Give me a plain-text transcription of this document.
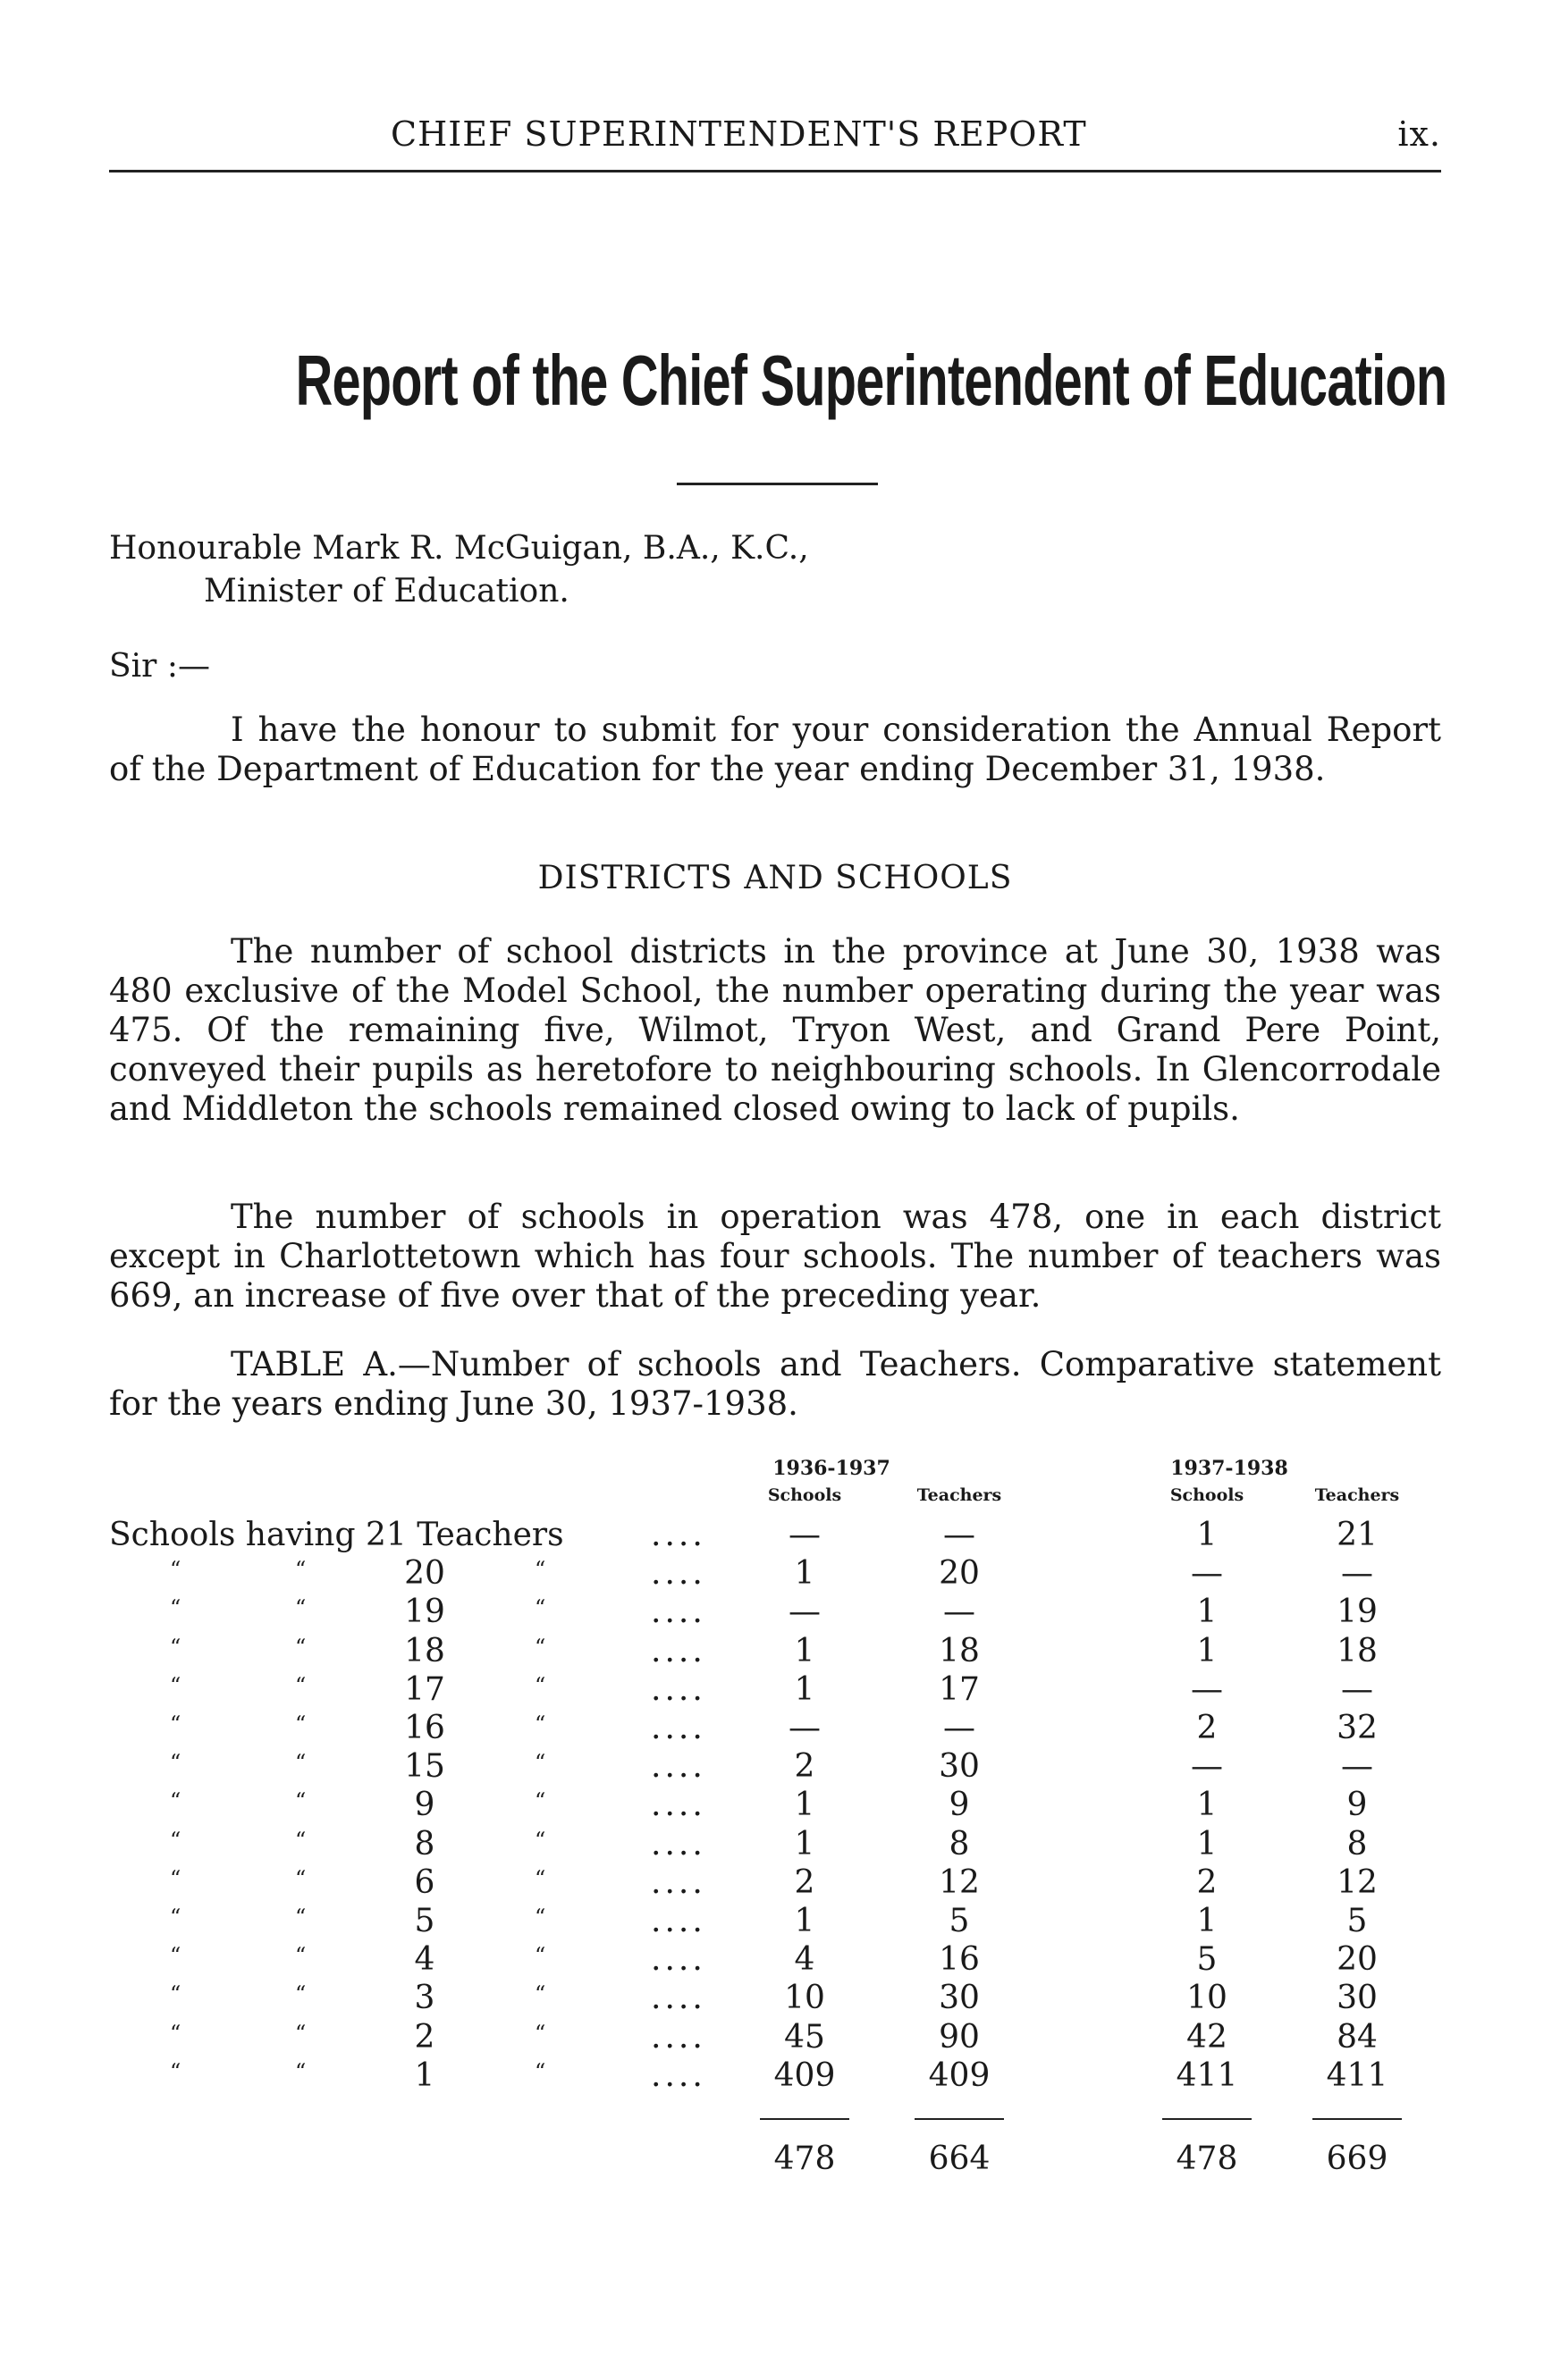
CHIEF SUPERINTENDENT'S REPORT	ix.
Report of the Chief Superintendent of Education
Honourable Mark R. McGuigan, B.A., K.C.,
Minister of Education.
Sir :—
I have the honour to submit for your consideration the Annual Report of the Department of Education for the year ending December 31, 1938.
DISTRICTS AND SCHOOLS
The number of school districts in the province at June 30, 1938 was 480 exclusive of the Model School, the number operating during the year was 475. Of the remaining five, Wilmot, Tryon West, and Grand Pere Point, conveyed their pupils as heretofore to neighbouring schools. In Glencorrodale and Middleton the schools remained closed owing to lack of pupils.
The number of schools in operation was 478, one in each district except in Charlottetown which has four schools. The number of teachers was 669, an increase of five over that of the preceding year.
TABLE A.—Number of schools and Teachers. Comparative statement for the years ending June 30, 1937-1938.
1936-1937	1937-1938
Schools	Teachers	Schools	Teachers
Schools having 21 Teachers	....	—	—	1	21
“	“	20	“	....	1	20	—	—
“	“	19	“	....	—	—	1	19
“	“	18	“	....	1	18	1	18
“	“	17	“	....	1	17	—	—
“	“	16	“	....	—	—	2	32
“	“	15	“	....	2	30	—	—
“	“	9	“	....	1	9	1	9
“	“	8	“	....	1	8	1	8
“	“	6	“	....	2	12	2	12
“	“	5	“	....	1	5	1	5
“	“	4	“	....	4	16	5	20
“	“	3	“	....	10	30	10	30
“	“	2	“	....	45	90	42	84
“	“	1	“	....	409	409	411	411
478	664	478	669
